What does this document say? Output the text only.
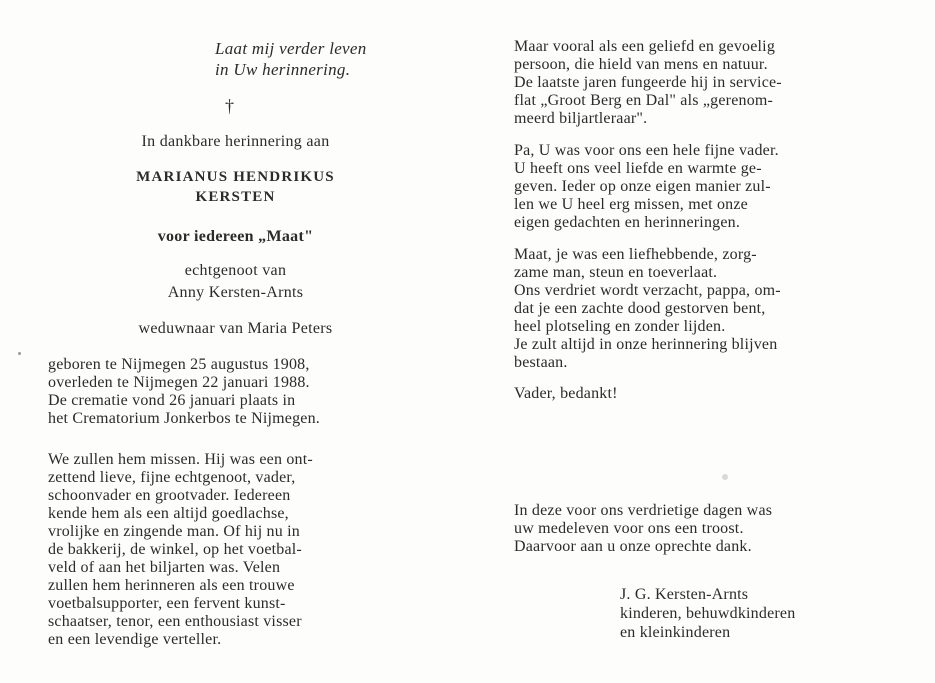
Laat mij verder leven
in Uw herinnering.
†
In dankbare herinnering aan
MARIANUS HENDRIKUS
KERSTEN
voor iedereen „Maat"
echtgenoot van
Anny Kersten-Arnts
weduwnaar van Maria Peters
geboren te Nijmegen 25 augustus 1908,
overleden te Nijmegen 22 januari 1988.
De crematie vond 26 januari plaats in
het Crematorium Jonkerbos te Nijmegen.
We zullen hem missen. Hij was een ont-
zettend lieve, fijne echtgenoot, vader,
schoonvader en grootvader. Iedereen
kende hem als een altijd goedlachse,
vrolijke en zingende man. Of hij nu in
de bakkerij, de winkel, op het voetbal-
veld of aan het biljarten was. Velen
zullen hem herinneren als een trouwe
voetbalsupporter, een fervent kunst-
schaatser, tenor, een enthousiast visser
en een levendige verteller.
Maar vooral als een geliefd en gevoelig
persoon, die hield van mens en natuur.
De laatste jaren fungeerde hij in service-
flat „Groot Berg en Dal" als „gerenom-
meerd biljartleraar".
Pa, U was voor ons een hele fijne vader.
U heeft ons veel liefde en warmte ge-
geven. Ieder op onze eigen manier zul-
len we U heel erg missen, met onze
eigen gedachten en herinneringen.
Maat, je was een liefhebbende, zorg-
zame man, steun en toeverlaat.
Ons verdriet wordt verzacht, pappa, om-
dat je een zachte dood gestorven bent,
heel plotseling en zonder lijden.
Je zult altijd in onze herinnering blijven
bestaan.
Vader, bedankt!
In deze voor ons verdrietige dagen was
uw medeleven voor ons een troost.
Daarvoor aan u onze oprechte dank.
J. G. Kersten-Arnts
kinderen, behuwdkinderen
en kleinkinderen
